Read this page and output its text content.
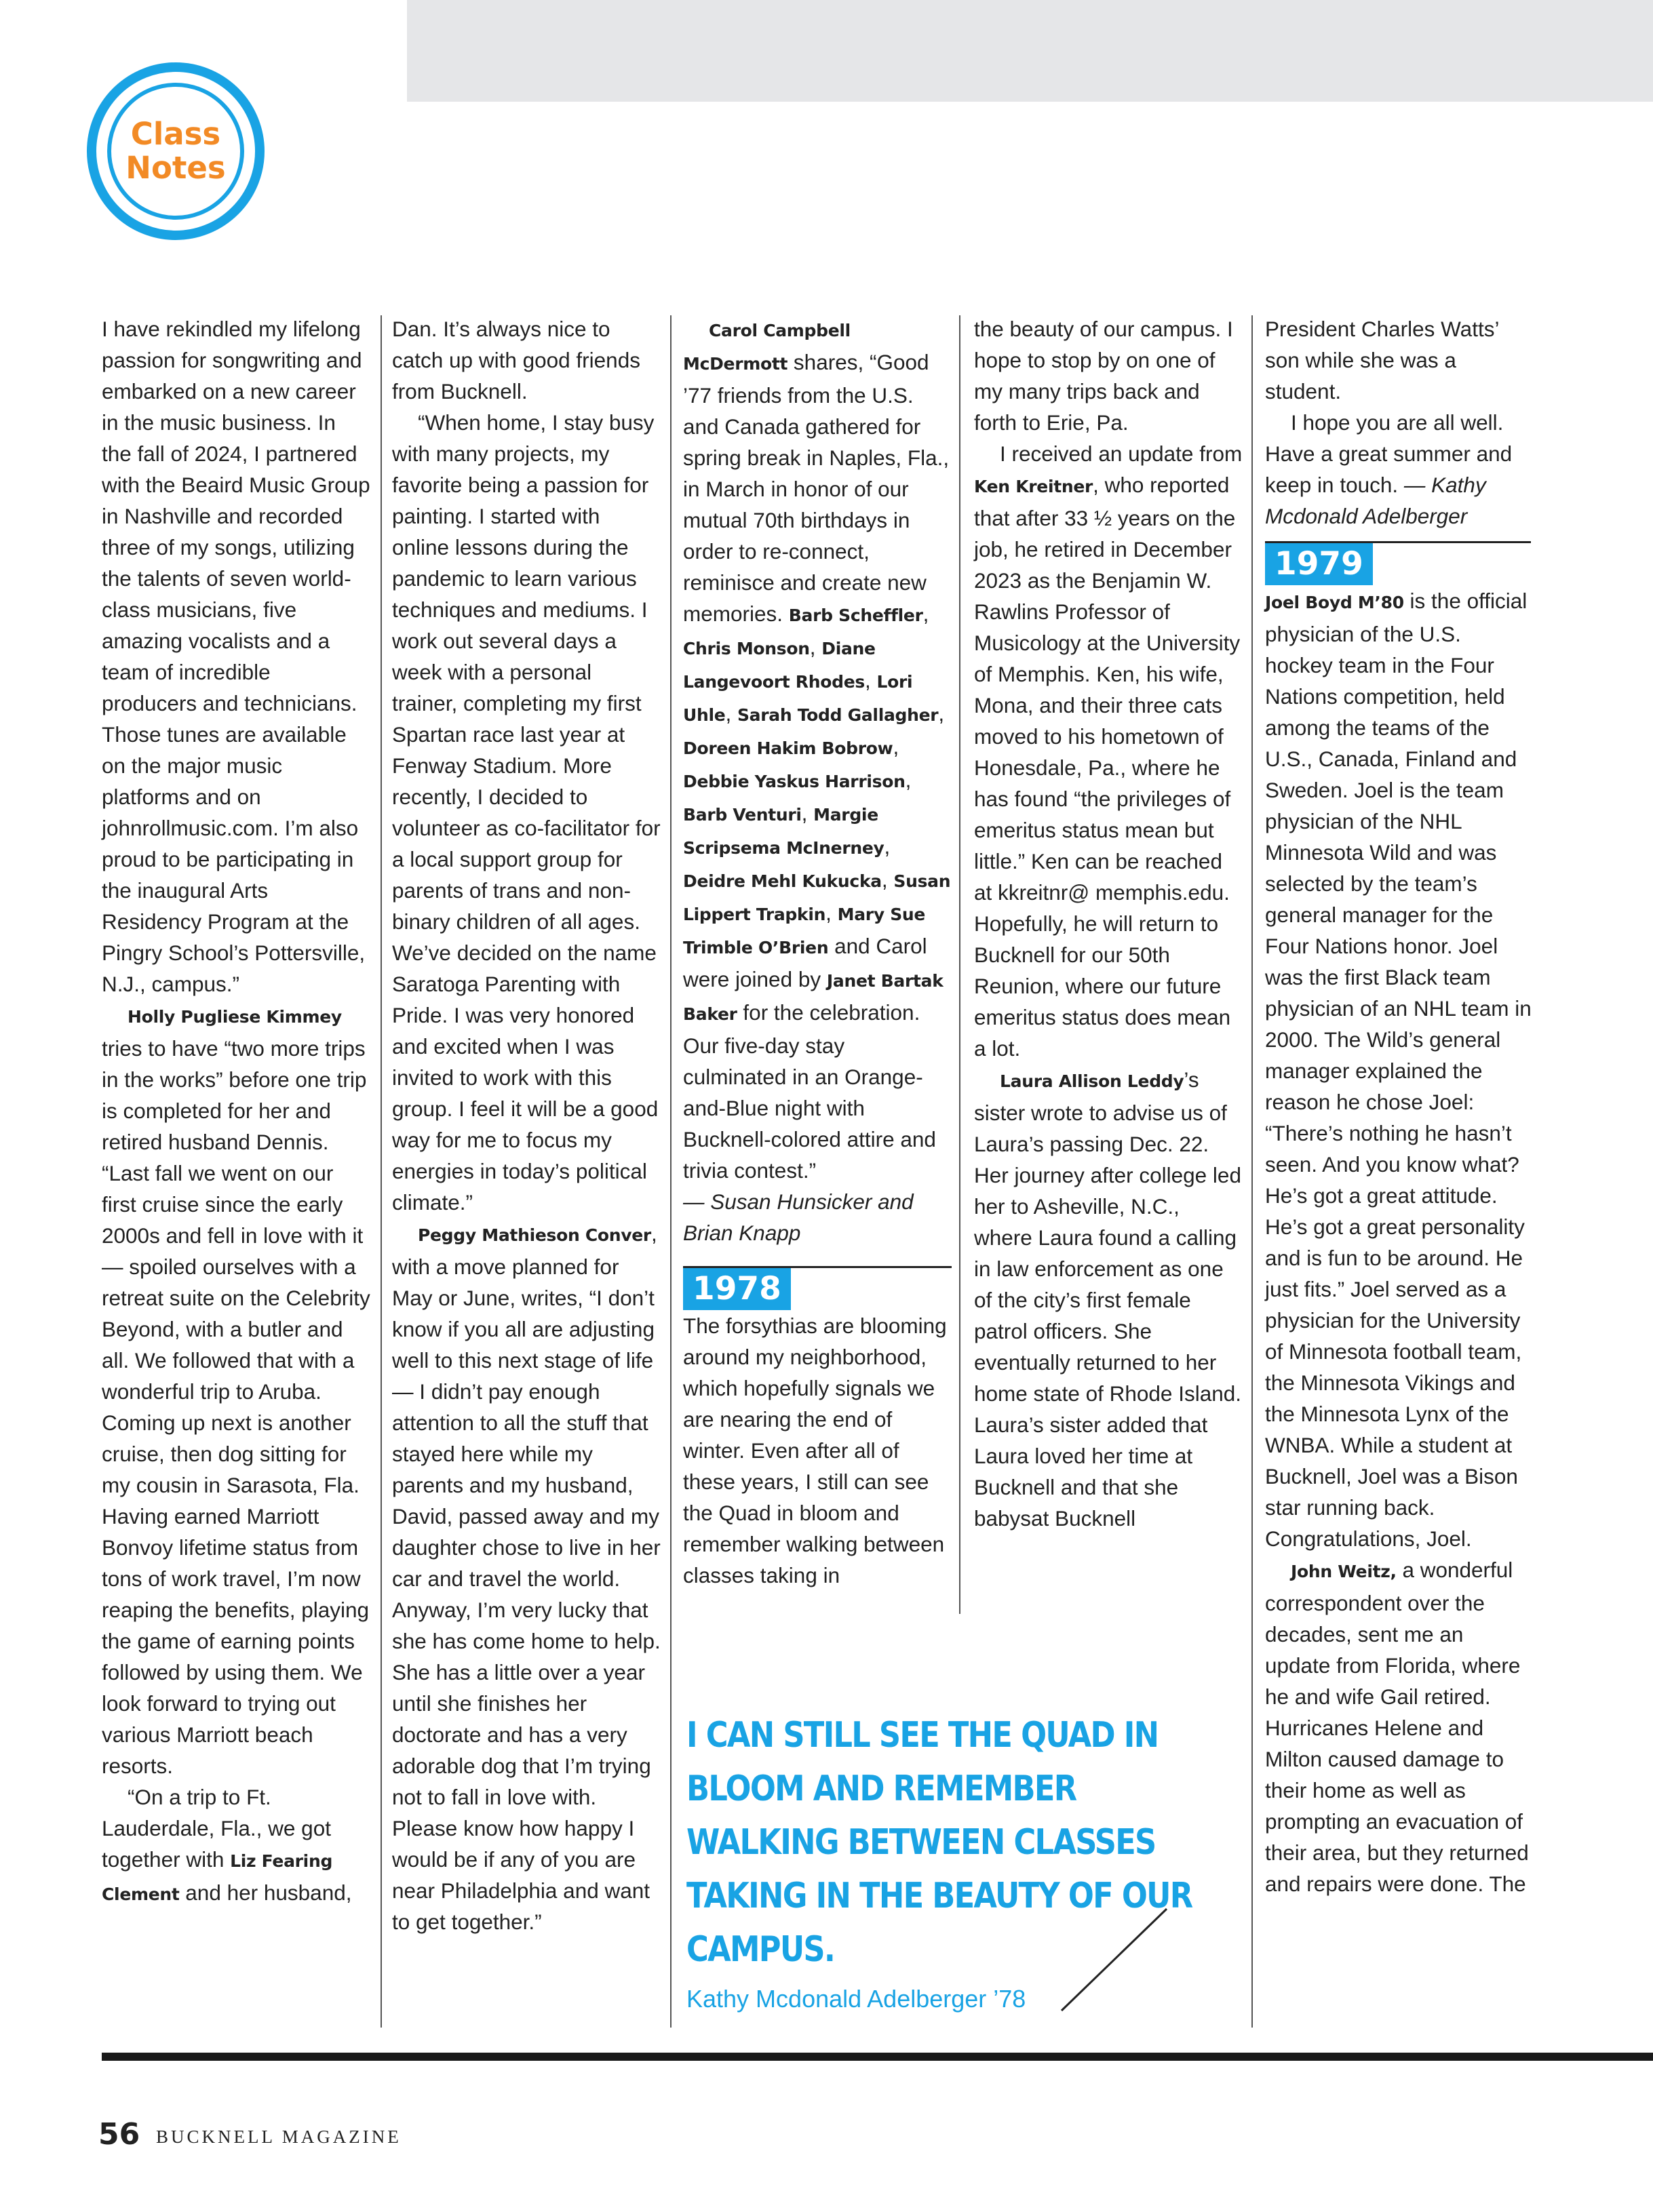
Class
Notes

I have rekindled my lifelong passion for songwriting and embarked on a new career in the music business. In the fall of 2024, I partnered with the Beaird Music Group in Nashville and recorded three of my songs, utilizing the talents of seven world-class musicians, five amazing vocalists and a team of incredible producers and technicians. Those tunes are available on the major music platforms and on johnrollmusic.com. I’m also proud to be participating in the inaugural Arts Residency Program at the Pingry School’s Pottersville, N.J., campus.”

Holly Pugliese Kimmey tries to have “two more trips in the works” before one trip is completed for her and retired husband Dennis. “Last fall we went on our first cruise since the early 2000s and fell in love with it — spoiled ourselves with a retreat suite on the Celebrity Beyond, with a butler and all. We followed that with a wonderful trip to Aruba. Coming up next is another cruise, then dog sitting for my cousin in Sarasota, Fla. Having earned Marriott Bonvoy lifetime status from tons of work travel, I’m now reaping the benefits, playing the game of earning points followed by using them. We look forward to trying out various Marriott beach resorts.

“On a trip to Ft. Lauderdale, Fla., we got together with Liz Fearing Clement and her husband,

Dan. It’s always nice to catch up with good friends from Bucknell.

“When home, I stay busy with many projects, my favorite being a passion for painting. I started with online lessons during the pandemic to learn various techniques and mediums. I work out several days a week with a personal trainer, completing my first Spartan race last year at Fenway Stadium. More recently, I decided to volunteer as co-facilitator for a local support group for parents of trans and non-binary children of all ages. We’ve decided on the name Saratoga Parenting with Pride. I was very honored and excited when I was invited to work with this group. I feel it will be a good way for me to focus my energies in today’s political climate.”

Peggy Mathieson Conver, with a move planned for May or June, writes, “I don’t know if you all are adjusting well to this next stage of life — I didn’t pay enough attention to all the stuff that stayed here while my parents and my husband, David, passed away and my daughter chose to live in her car and travel the world. Anyway, I’m very lucky that she has come home to help. She has a little over a year until she finishes her doctorate and has a very adorable dog that I’m trying not to fall in love with. Please know how happy I would be if any of you are near Philadelphia and want to get together.”

Carol Campbell McDermott shares, “Good ’77 friends from the U.S. and Canada gathered for spring break in Naples, Fla., in March in honor of our mutual 70th birthdays in order to re-connect, reminisce and create new memories. Barb Scheffler, Chris Monson, Diane Langevoort Rhodes, Lori Uhle, Sarah Todd Gallagher, Doreen Hakim Bobrow, Debbie Yaskus Harrison, Barb Venturi, Margie Scripsema McInerney, Deidre Mehl Kukucka, Susan Lippert Trapkin, Mary Sue Trimble O’Brien and Carol were joined by Janet Bartak Baker for the celebration. Our five-day stay culminated in an Orange-and-Blue night with Bucknell-colored attire and trivia contest.”

— Susan Hunsicker and Brian Knapp

1978

The forsythias are blooming around my neighborhood, which hopefully signals we are nearing the end of winter. Even after all of these years, I still can see the Quad in bloom and remember walking between classes taking in

the beauty of our campus. I hope to stop by on one of my many trips back and forth to Erie, Pa.

I received an update from Ken Kreitner, who reported that after 33 ½ years on the job, he retired in December 2023 as the Benjamin W. Rawlins Professor of Musicology at the University of Memphis. Ken, his wife, Mona, and their three cats moved to his hometown of Honesdale, Pa., where he has found “the privileges of emeritus status mean but little.” Ken can be reached at kkreitnr@ memphis.edu. Hopefully, he will return to Bucknell for our 50th Reunion, where our future emeritus status does mean a lot.

Laura Allison Leddy’s sister wrote to advise us of Laura’s passing Dec. 22. Her journey after college led her to Asheville, N.C., where Laura found a calling in law enforcement as one of the city’s first female patrol officers. She eventually returned to her home state of Rhode Island. Laura’s sister added that Laura loved her time at Bucknell and that she babysat Bucknell

President Charles Watts’ son while she was a student.

I hope you are all well. Have a great summer and keep in touch. — Kathy Mcdonald Adelberger

1979

Joel Boyd M’80 is the official physician of the U.S. hockey team in the Four Nations competition, held among the teams of the U.S., Canada, Finland and Sweden. Joel is the team physician of the NHL Minnesota Wild and was selected by the team’s general manager for the Four Nations honor. Joel was the first Black team physician of an NHL team in 2000. The Wild’s general manager explained the reason he chose Joel: “There’s nothing he hasn’t seen. And you know what? He’s got a great attitude. He’s got a great personality and is fun to be around. He just fits.” Joel served as a physician for the University of Minnesota football team, the Minnesota Vikings and the Minnesota Lynx of the WNBA. While a student at Bucknell, Joel was a Bison star running back. Congratulations, Joel.

John Weitz, a wonderful correspondent over the decades, sent me an update from Florida, where he and wife Gail retired. Hurricanes Helene and Milton caused damage to their home as well as prompting an evacuation of their area, but they returned and repairs were done. The

I CAN STILL SEE THE QUAD IN BLOOM AND REMEMBER WALKING BETWEEN CLASSES TAKING IN THE BEAUTY OF OUR CAMPUS.
Kathy Mcdonald Adelberger ’78
56 BUCKNELL MAGAZINE
